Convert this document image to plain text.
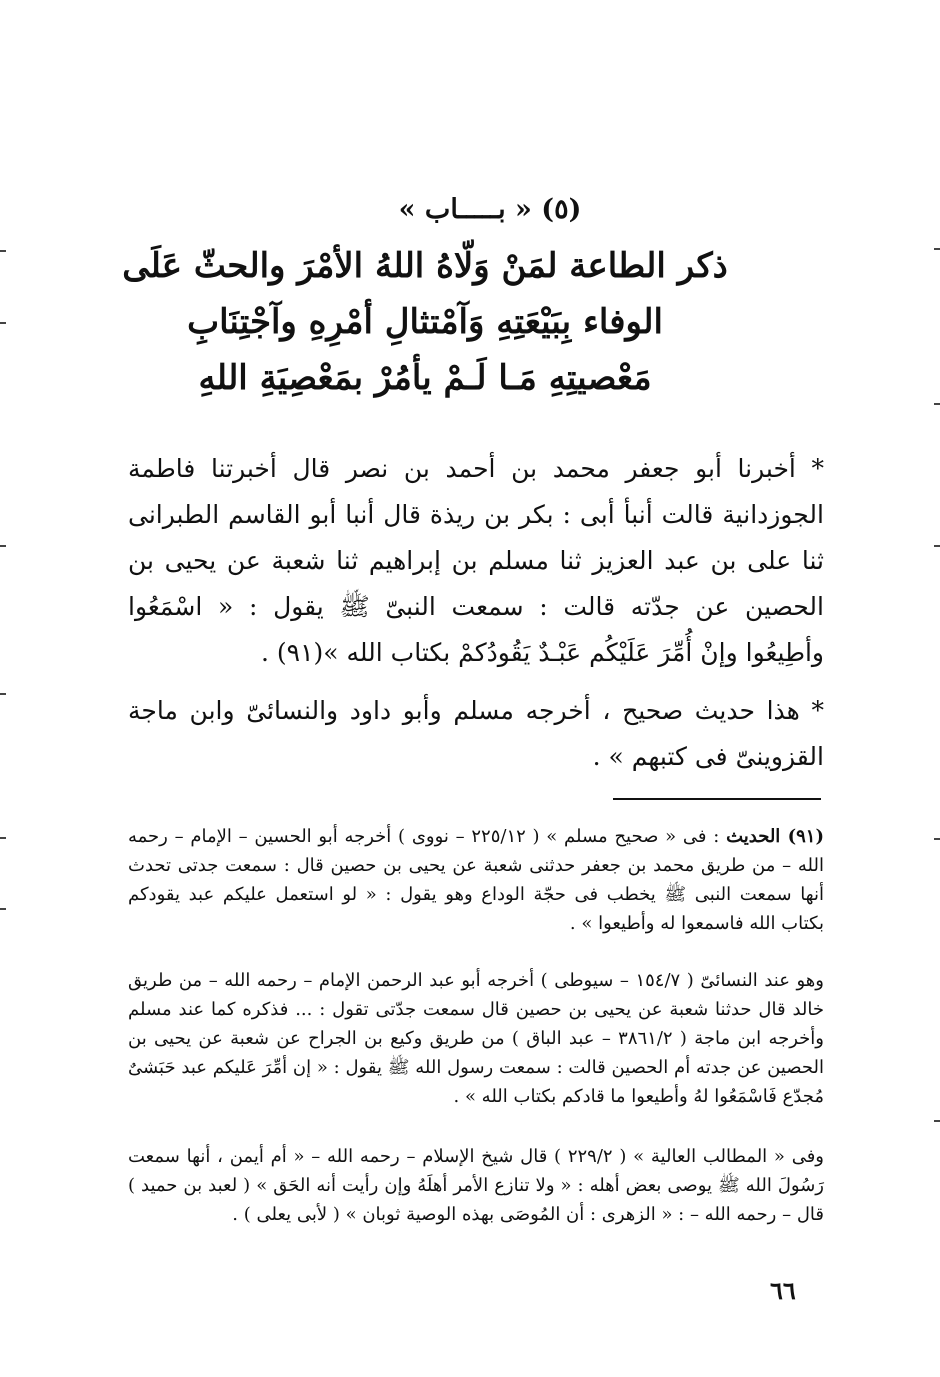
(٥) « بـــــاب »
ذكر الطاعة لمَنْ وَلّاهُ اللهُ الأمْرَ والحثّ عَلَى
الوفاء بِبَيْعَتِهِ وَآمْتثالِ أمْرِهِ وآجْتِنَابِ
مَعْصيتِهِ مَـا لَـمْ يأمُرْ بمَعْصِيَةِ اللهِ
* أخبرنا أبو جعفر محمد بن أحمد بن نصر قال أخبرتنا فاطمة الجوزدانية قالت أنبأ أبى : بكر بن ريذة قال أنبا أبو القاسم الطبرانى ثنا على بن عبد العزيز ثنا مسلم بن إبراهيم ثنا شعبة عن يحيى بن الحصين عن جدّته قالت : سمعت النبىّ ﷺ يقول : « اسْمَعُوا وأطِيعُوا وإنْ أُمِّرَ عَلَيْكُم عَبْـدٌ يَقُودُكمْ بكتاب الله »(٩١) .
* هذا حديث صحيح ، أخرجه مسلم وأبو داود والنسائىّ وابن ماجة القزوينىّ فى كتبهم » .
(٩١) الحديث : فى « صحيح مسلم » ( ٢٢٥/١٢ – نووى ) أخرجه أبو الحسين – الإمام – رحمه الله – من طريق محمد بن جعفر حدثنى شعبة عن يحيى بن حصين قال : سمعت جدتى تحدث أنها سمعت النبى ﷺ يخطب فى حجّة الوداع وهو يقول : « لو استعمل عليكم عبد يقودكم بكتاب الله فاسمعوا له وأطيعوا » .
وهو عند النسائىّ ( ١٥٤/٧ – سيوطى ) أخرجه أبو عبد الرحمن الإمام – رحمه الله – من طريق خالد قال حدثنا شعبة عن يحيى بن حصين قال سمعت جدّتى تقول : ... فذكره كما عند مسلم وأخرجه ابن ماجة ( ٣٨٦١/٢ – عبد الباق ) من طريق وكيع بن الجراح عن شعبة عن يحيى بن الحصين عن جدته أم الحصين قالت : سمعت رسول الله ﷺ يقول : « إن أمِّرَ عَليكم عبد حَبَشىٌ مُجدّع فَاسْمَعُوا لهُ وأطيعوا ما قادكم بكتاب الله » .
وفى « المطالب العالية » ( ٢٢٩/٢ ) قال شيخ الإسلام – رحمه الله – « أم أيمن ، أنها سمعت رَسُولَ الله ﷺ يوصى بعض أهله : « ولا تنازع الأمر أهلَهُ وإن رأيت أنه الحَق » ( لعبد بن حميد ) قال – رحمه الله – : « الزهرى : أن المُوصَى بهذه الوصية ثوبان » ( لأبى يعلى ) .
٦٦
